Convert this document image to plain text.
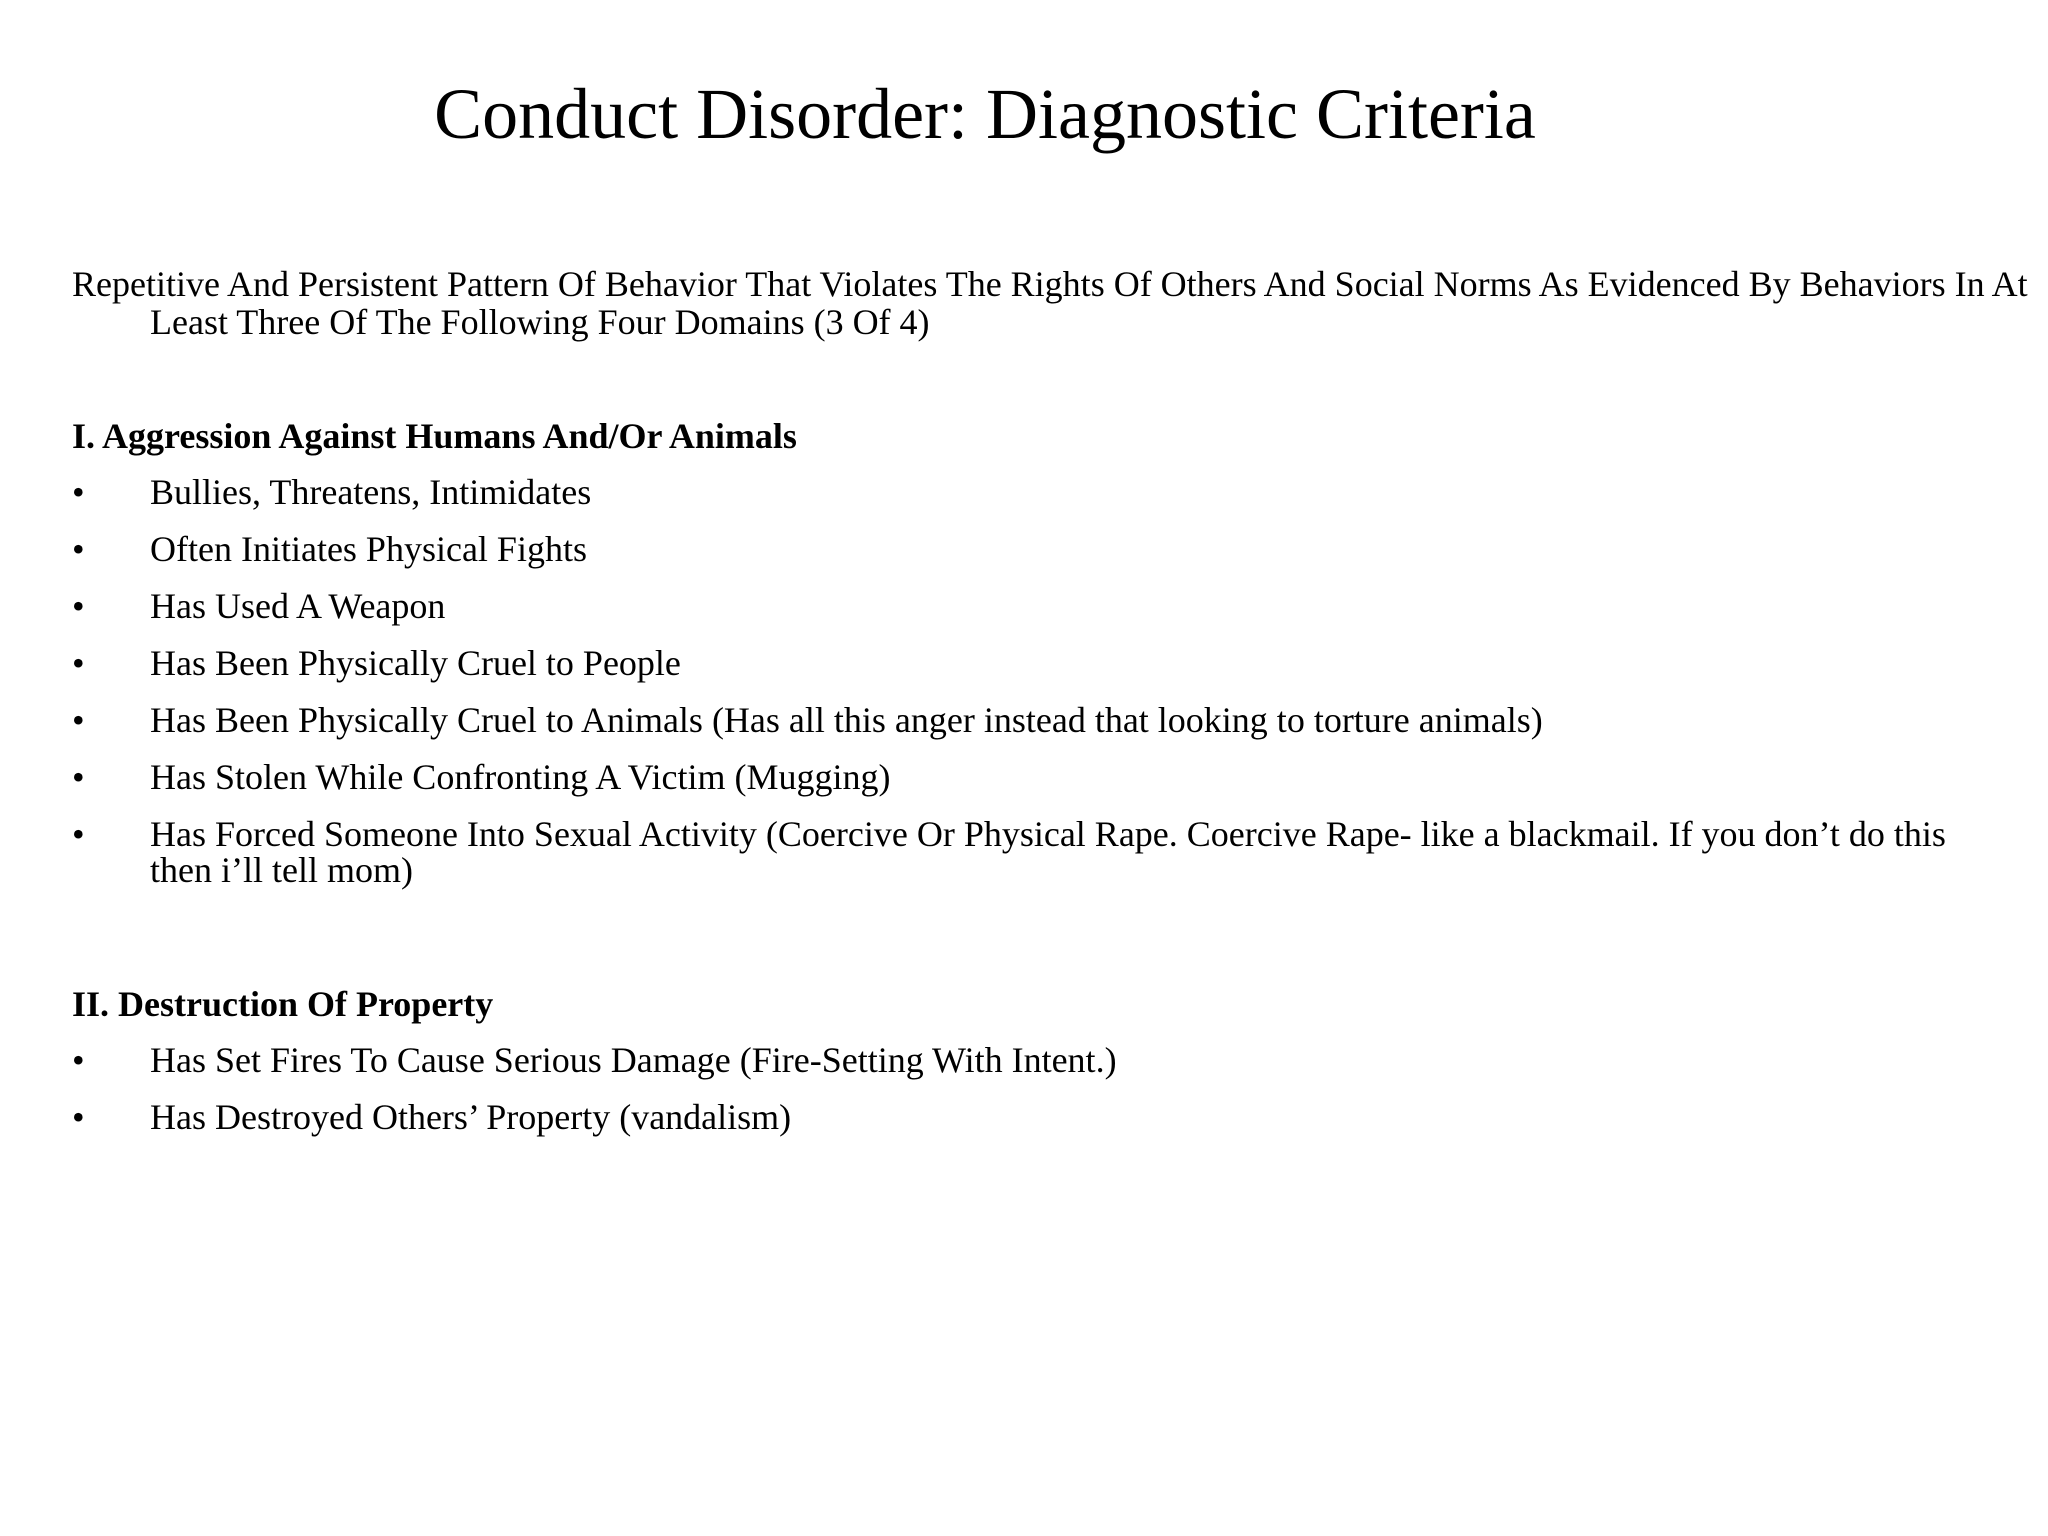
Conduct Disorder: Diagnostic Criteria
Repetitive And Persistent Pattern Of Behavior That Violates The Rights Of Others And Social Norms As Evidenced By Behaviors In At Least Three Of The Following Four Domains (3 Of 4)
I. Aggression Against Humans And/Or Animals
•	Bullies, Threatens, Intimidates
•	Often Initiates Physical Fights
•	Has Used A Weapon
•	Has Been Physically Cruel to People
•	Has Been Physically Cruel to Animals (Has all this anger instead that looking to torture animals)
•	Has Stolen While Confronting A Victim (Mugging)
•	Has Forced Someone Into Sexual Activity (Coercive Or Physical Rape. Coercive Rape- like a blackmail. If you don’t do this then i’ll tell mom)
II. Destruction Of Property
•	Has Set Fires To Cause Serious Damage (Fire-Setting With Intent.)
•	Has Destroyed Others’ Property (vandalism)
